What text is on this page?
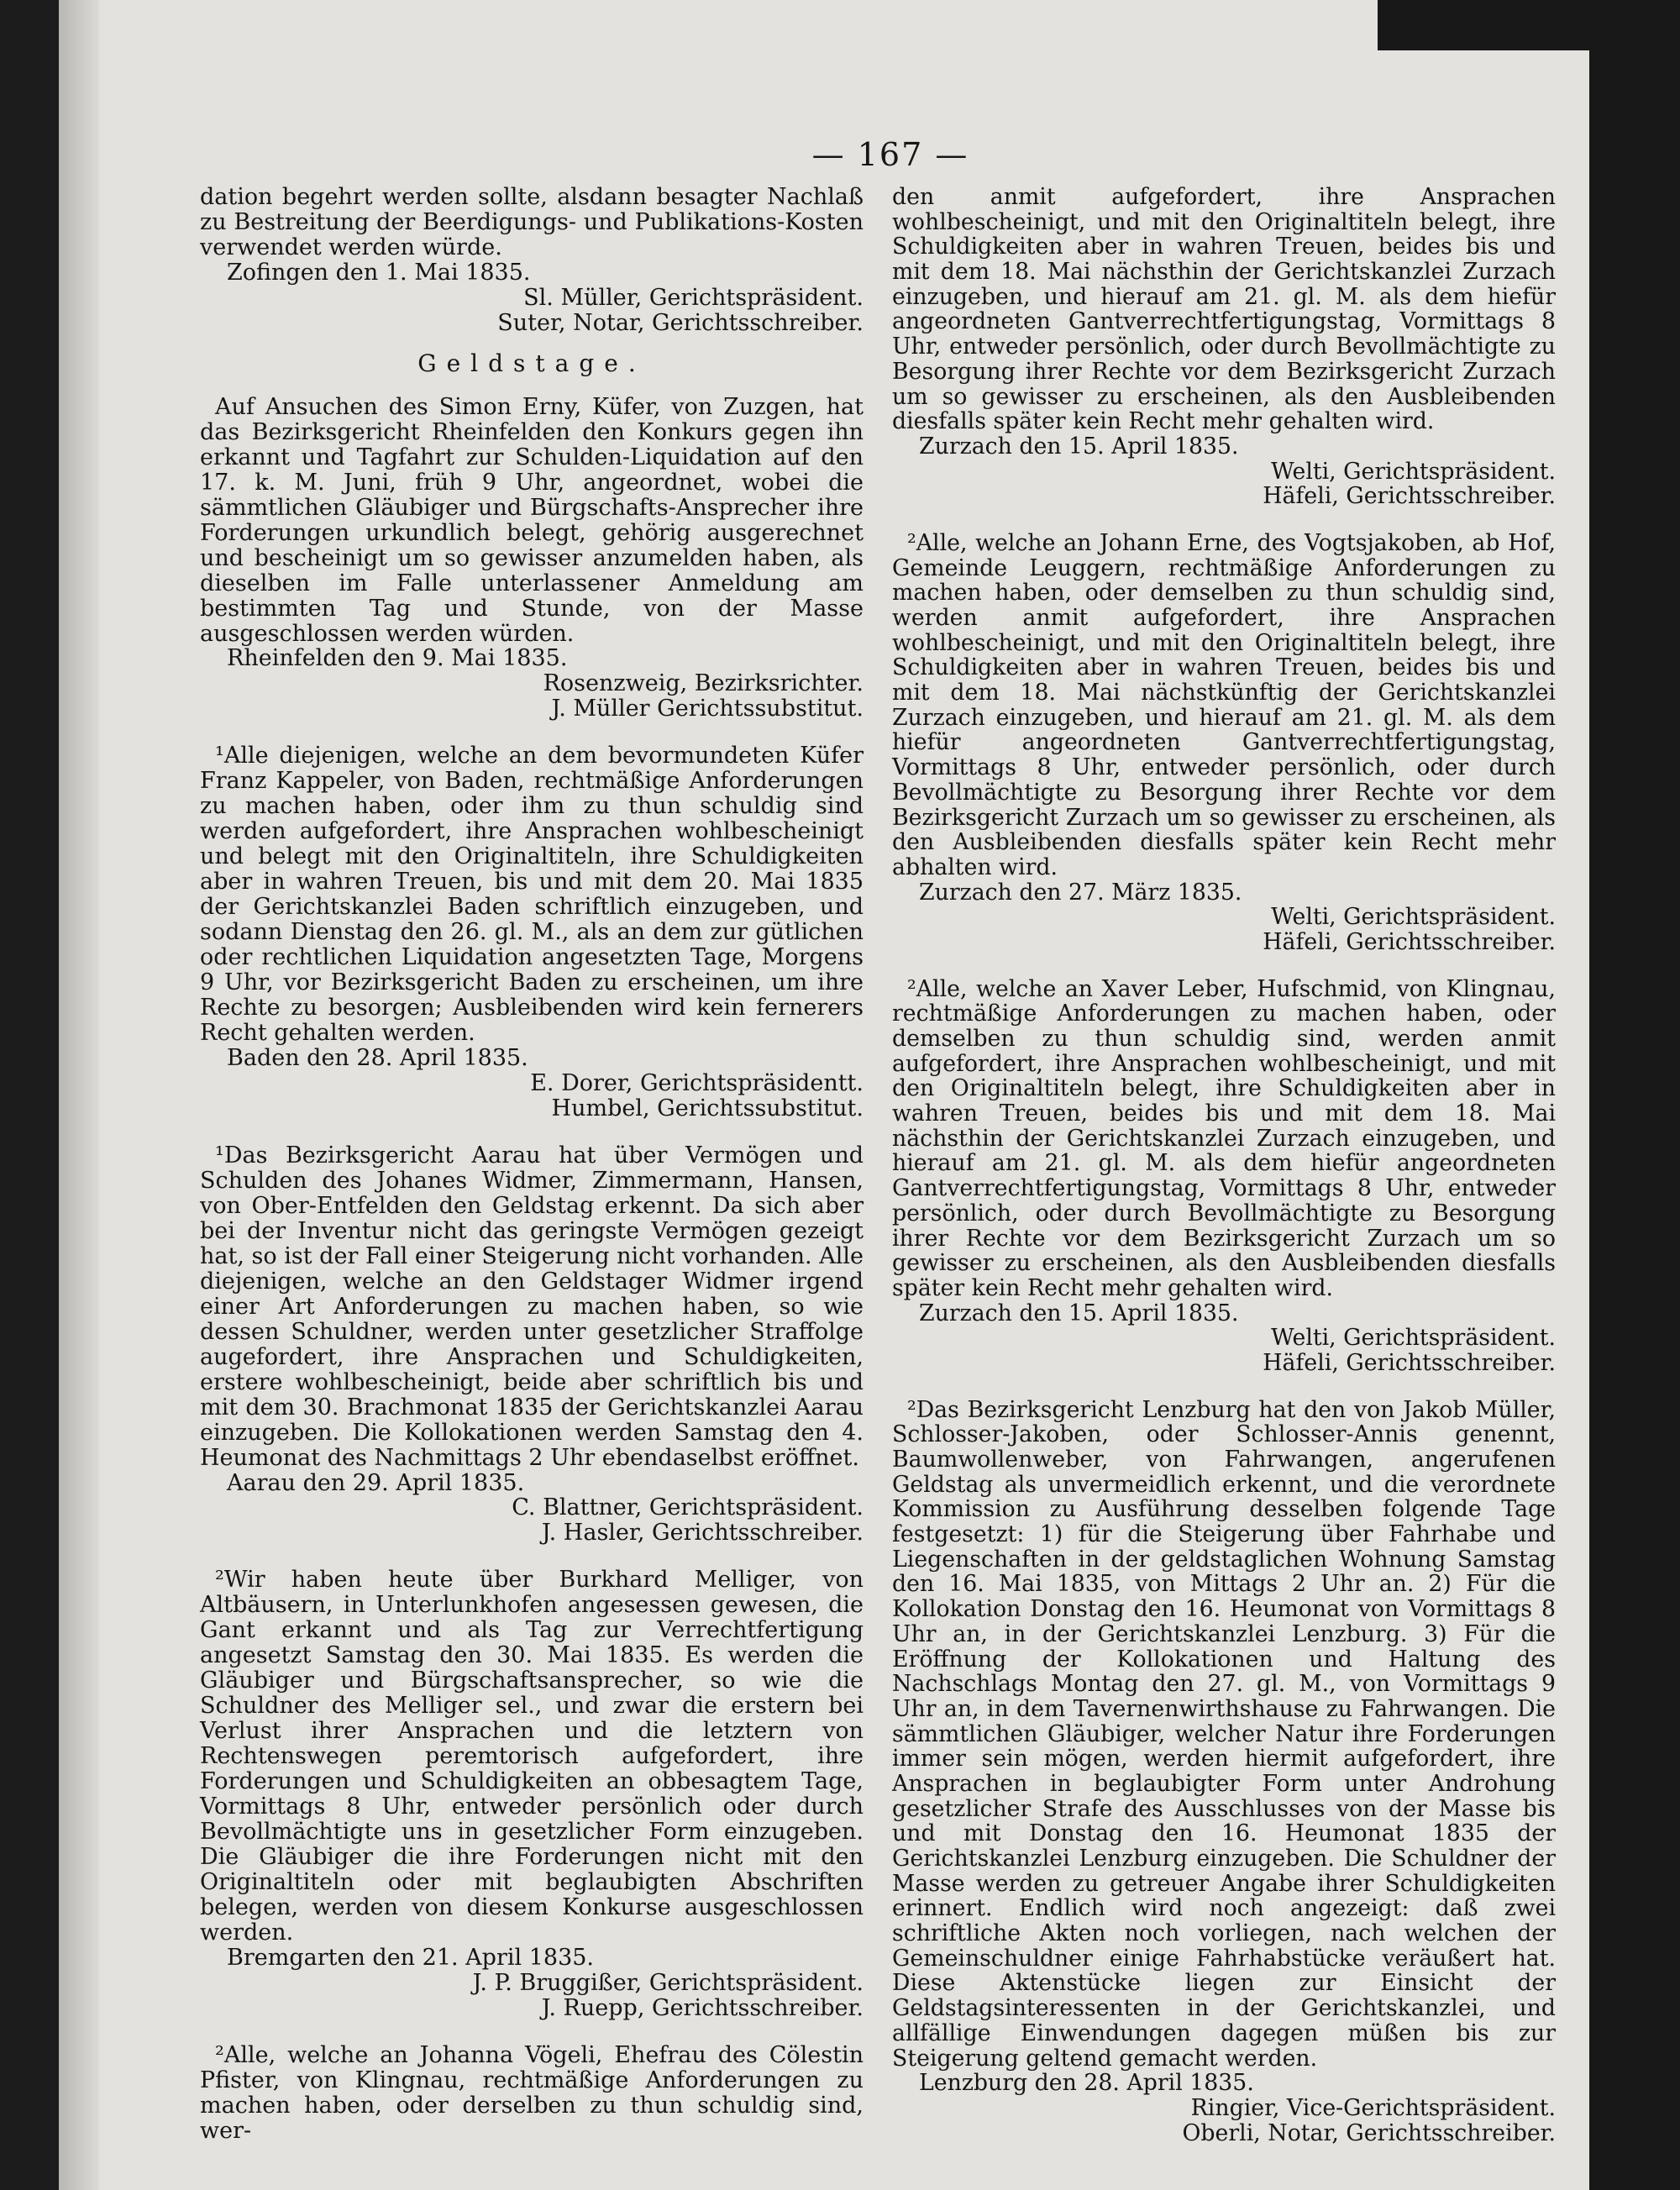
— 167 —

dation begehrt werden sollte, alsdann besagter Nachlaß zu Bestreitung der Beerdigungs- und Publikations-Kosten verwendet werden würde.

Zofingen den 1. Mai 1835.

Sl. Müller, Gerichtspräsident.

Suter, Notar, Gerichtsschreiber.

Geldstage.

Auf Ansuchen des Simon Erny, Küfer, von Zuzgen, hat das Bezirksgericht Rheinfelden den Konkurs gegen ihn erkannt und Tagfahrt zur Schulden-Liquidation auf den 17. k. M. Juni, früh 9 Uhr, angeordnet, wobei die sämmtlichen Gläubiger und Bürgschafts-Ansprecher ihre Forderungen urkundlich belegt, gehörig ausgerechnet und bescheinigt um so gewisser anzumelden haben, als dieselben im Falle unterlassener Anmeldung am bestimmten Tag und Stunde, von der Masse ausgeschlossen werden würden.

Rheinfelden den 9. Mai 1835.

Rosenzweig, Bezirksrichter.

J. Müller Gerichtssubstitut.

¹Alle diejenigen, welche an dem bevormundeten Küfer Franz Kappeler, von Baden, rechtmäßige Anforderungen zu machen haben, oder ihm zu thun schuldig sind werden aufgefordert, ihre Ansprachen wohlbescheinigt und belegt mit den Originaltiteln, ihre Schuldigkeiten aber in wahren Treuen, bis und mit dem 20. Mai 1835 der Gerichtskanzlei Baden schriftlich einzugeben, und sodann Dienstag den 26. gl. M., als an dem zur gütlichen oder rechtlichen Liquidation angesetzten Tage, Morgens 9 Uhr, vor Bezirksgericht Baden zu erscheinen, um ihre Rechte zu besorgen; Ausbleibenden wird kein fernerers Recht gehalten werden.

Baden den 28. April 1835.

E. Dorer, Gerichtspräsidentt.

Humbel, Gerichtssubstitut.

¹Das Bezirksgericht Aarau hat über Vermögen und Schulden des Johanes Widmer, Zimmermann, Hansen, von Ober-Entfelden den Geldstag erkennt. Da sich aber bei der Inventur nicht das geringste Vermögen gezeigt hat, so ist der Fall einer Steigerung nicht vorhanden. Alle diejenigen, welche an den Geldstager Widmer irgend einer Art Anforderungen zu machen haben, so wie dessen Schuldner, werden unter gesetzlicher Straffolge augefordert, ihre Ansprachen und Schuldigkeiten, erstere wohlbescheinigt, beide aber schriftlich bis und mit dem 30. Brachmonat 1835 der Gerichtskanzlei Aarau einzugeben. Die Kollokationen werden Samstag den 4. Heumonat des Nachmittags 2 Uhr ebendaselbst eröffnet.

Aarau den 29. April 1835.

C. Blattner, Gerichtspräsident.

J. Hasler, Gerichtsschreiber.

²Wir haben heute über Burkhard Melliger, von Altbäusern, in Unterlunkhofen angesessen gewesen, die Gant erkannt und als Tag zur Verrechtfertigung angesetzt Samstag den 30. Mai 1835. Es werden die Gläubiger und Bürgschaftsansprecher, so wie die Schuldner des Melliger sel., und zwar die erstern bei Verlust ihrer Ansprachen und die letztern von Rechtenswegen peremtorisch aufgefordert, ihre Forderungen und Schuldigkeiten an obbesagtem Tage, Vormittags 8 Uhr, entweder persönlich oder durch Bevollmächtigte uns in gesetzlicher Form einzugeben. Die Gläubiger die ihre Forderungen nicht mit den Originaltiteln oder mit beglaubigten Abschriften belegen, werden von diesem Konkurse ausgeschlossen werden.

Bremgarten den 21. April 1835.

J. P. Bruggißer, Gerichtspräsident.

J. Ruepp, Gerichtsschreiber.

²Alle, welche an Johanna Vögeli, Ehefrau des Cölestin Pfister, von Klingnau, rechtmäßige Anforderungen zu machen haben, oder derselben zu thun schuldig sind, wer-

den anmit aufgefordert, ihre Ansprachen wohlbescheinigt, und mit den Originaltiteln belegt, ihre Schuldigkeiten aber in wahren Treuen, beides bis und mit dem 18. Mai nächsthin der Gerichtskanzlei Zurzach einzugeben, und hierauf am 21. gl. M. als dem hiefür angeordneten Gantverrechtfertigungstag, Vormittags 8 Uhr, entweder persönlich, oder durch Bevollmächtigte zu Besorgung ihrer Rechte vor dem Bezirksgericht Zurzach um so gewisser zu erscheinen, als den Ausbleibenden diesfalls später kein Recht mehr gehalten wird.

Zurzach den 15. April 1835.

Welti, Gerichtspräsident.

Häfeli, Gerichtsschreiber.

²Alle, welche an Johann Erne, des Vogtsjakoben, ab Hof, Gemeinde Leuggern, rechtmäßige Anforderungen zu machen haben, oder demselben zu thun schuldig sind, werden anmit aufgefordert, ihre Ansprachen wohlbescheinigt, und mit den Originaltiteln belegt, ihre Schuldigkeiten aber in wahren Treuen, beides bis und mit dem 18. Mai nächstkünftig der Gerichtskanzlei Zurzach einzugeben, und hierauf am 21. gl. M. als dem hiefür angeordneten Gantverrechtfertigungstag, Vormittags 8 Uhr, entweder persönlich, oder durch Bevollmächtigte zu Besorgung ihrer Rechte vor dem Bezirksgericht Zurzach um so gewisser zu erscheinen, als den Ausbleibenden diesfalls später kein Recht mehr abhalten wird.

Zurzach den 27. März 1835.

Welti, Gerichtspräsident.

Häfeli, Gerichtsschreiber.

²Alle, welche an Xaver Leber, Hufschmid, von Klingnau, rechtmäßige Anforderungen zu machen haben, oder demselben zu thun schuldig sind, werden anmit aufgefordert, ihre Ansprachen wohlbescheinigt, und mit den Originaltiteln belegt, ihre Schuldigkeiten aber in wahren Treuen, beides bis und mit dem 18. Mai nächsthin der Gerichtskanzlei Zurzach einzugeben, und hierauf am 21. gl. M. als dem hiefür angeordneten Gantverrechtfertigungstag, Vormittags 8 Uhr, entweder persönlich, oder durch Bevollmächtigte zu Besorgung ihrer Rechte vor dem Bezirksgericht Zurzach um so gewisser zu erscheinen, als den Ausbleibenden diesfalls später kein Recht mehr gehalten wird.

Zurzach den 15. April 1835.

Welti, Gerichtspräsident.

Häfeli, Gerichtsschreiber.

²Das Bezirksgericht Lenzburg hat den von Jakob Müller, Schlosser-Jakoben, oder Schlosser-Annis genennt, Baumwollenweber, von Fahrwangen, angerufenen Geldstag als unvermeidlich erkennt, und die verordnete Kommission zu Ausführung desselben folgende Tage festgesetzt: 1) für die Steigerung über Fahrhabe und Liegenschaften in der geldstaglichen Wohnung Samstag den 16. Mai 1835, von Mittags 2 Uhr an. 2) Für die Kollokation Donstag den 16. Heumonat von Vormittags 8 Uhr an, in der Gerichtskanzlei Lenzburg. 3) Für die Eröffnung der Kollokationen und Haltung des Nachschlags Montag den 27. gl. M., von Vormittags 9 Uhr an, in dem Tavernenwirthshause zu Fahrwangen. Die sämmtlichen Gläubiger, welcher Natur ihre Forderungen immer sein mögen, werden hiermit aufgefordert, ihre Ansprachen in beglaubigter Form unter Androhung gesetzlicher Strafe des Ausschlusses von der Masse bis und mit Donstag den 16. Heumonat 1835 der Gerichtskanzlei Lenzburg einzugeben. Die Schuldner der Masse werden zu getreuer Angabe ihrer Schuldigkeiten erinnert. Endlich wird noch angezeigt: daß zwei schriftliche Akten noch vorliegen, nach welchen der Gemeinschuldner einige Fahrhabstücke veräußert hat. Diese Aktenstücke liegen zur Einsicht der Geldstagsinteressenten in der Gerichtskanzlei, und allfällige Einwendungen dagegen müßen bis zur Steigerung geltend gemacht werden.

Lenzburg den 28. April 1835.

Ringier, Vice-Gerichtspräsident.

Oberli, Notar, Gerichtsschreiber.
